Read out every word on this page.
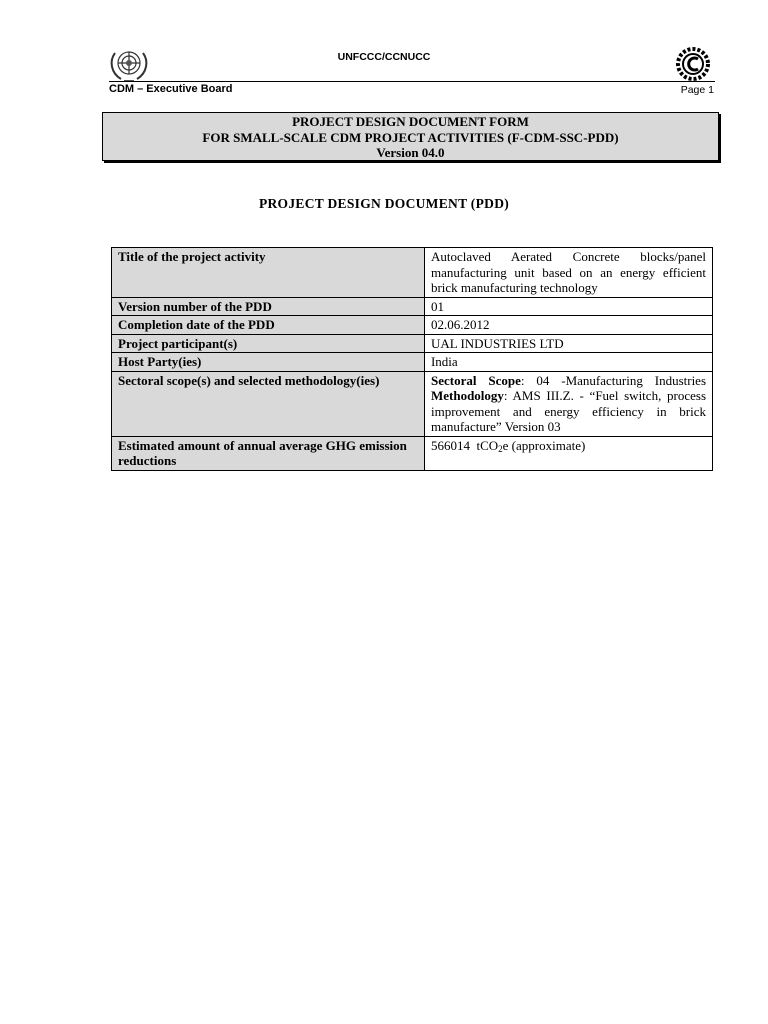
UNFCCC/CCNUCC
CDM – Executive Board	Page 1
PROJECT DESIGN DOCUMENT FORM
FOR SMALL-SCALE CDM PROJECT ACTIVITIES (F-CDM-SSC-PDD)
Version 04.0
PROJECT DESIGN DOCUMENT (PDD)
Title of the project activity	Autoclaved Aerated Concrete blocks/panel manufacturing unit based on an energy efficient brick manufacturing technology
Version number of the PDD	01
Completion date of the PDD	02.06.2012
Project participant(s)	UAL INDUSTRIES LTD
Host Party(ies)	India
Sectoral scope(s) and selected methodology(ies)	Sectoral Scope: 04 -Manufacturing Industries Methodology: AMS III.Z. - “Fuel switch, process improvement and energy efficiency in brick manufacture” Version 03
Estimated amount of annual average GHG emission reductions	566014 tCO$_2$e (approximate)
